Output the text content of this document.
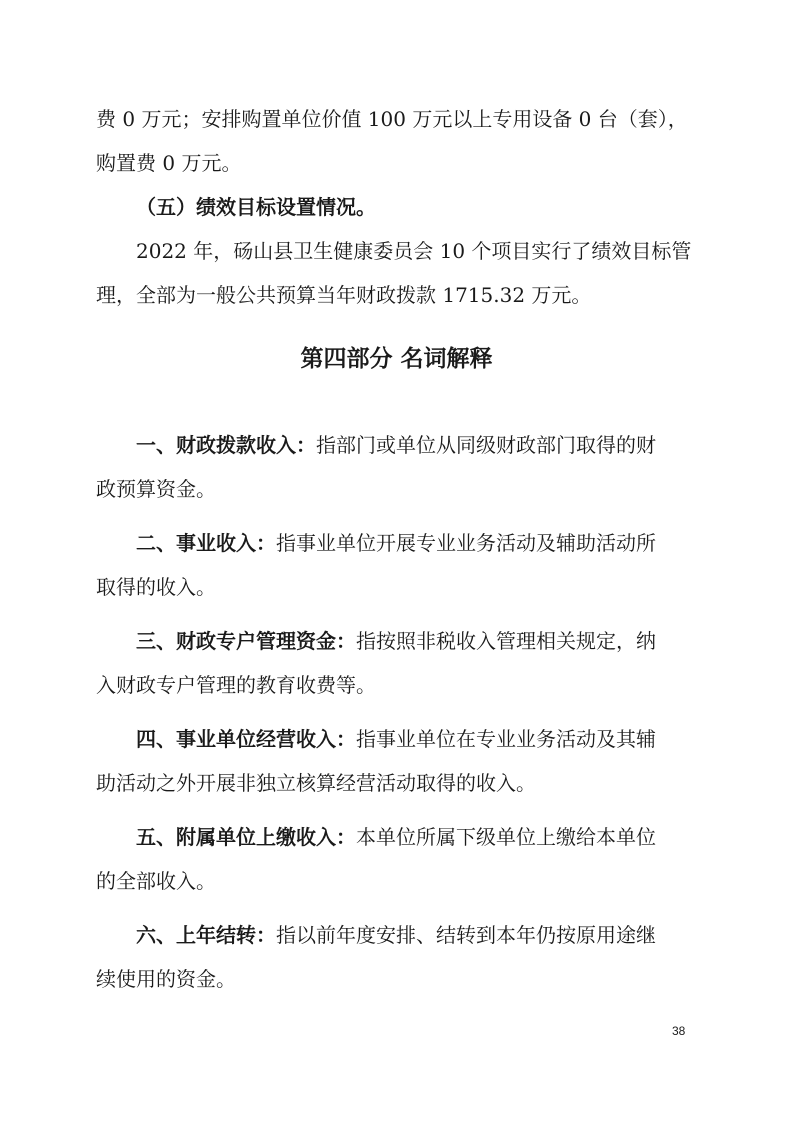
费 0 万元；安排购置单位价值 100 万元以上专用设备 0 台（套），
购置费 0 万元。
（五）绩效目标设置情况。
2022 年，砀山县卫生健康委员会 10 个项目实行了绩效目标管
理，全部为一般公共预算当年财政拨款 1715.32 万元。
第四部分 名词解释
一、财政拨款收入：指部门或单位从同级财政部门取得的财
政预算资金。
二、事业收入：指事业单位开展专业业务活动及辅助活动所
取得的收入。
三、财政专户管理资金：指按照非税收入管理相关规定，纳
入财政专户管理的教育收费等。
四、事业单位经营收入：指事业单位在专业业务活动及其辅
助活动之外开展非独立核算经营活动取得的收入。
五、附属单位上缴收入：本单位所属下级单位上缴给本单位
的全部收入。
六、上年结转：指以前年度安排、结转到本年仍按原用途继
续使用的资金。
38
